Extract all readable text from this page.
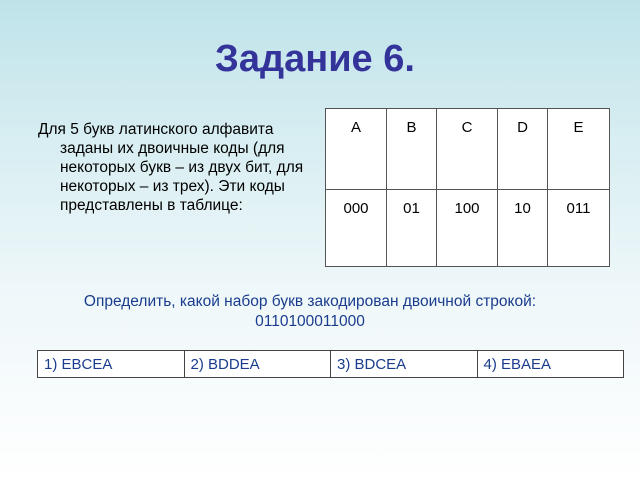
Задание 6.
Для 5 букв латинского алфавита заданы их двоичные коды (для некоторых букв – из двух бит, для некоторых – из трех). Эти коды представлены в таблице:
A	B	C	D	E
000	01	100	10	011
Определить, какой набор букв закодирован двоичной строкой:
0110100011000
1) EBCEA	2) BDDEA	3) BDCEA	4) EBAEA
